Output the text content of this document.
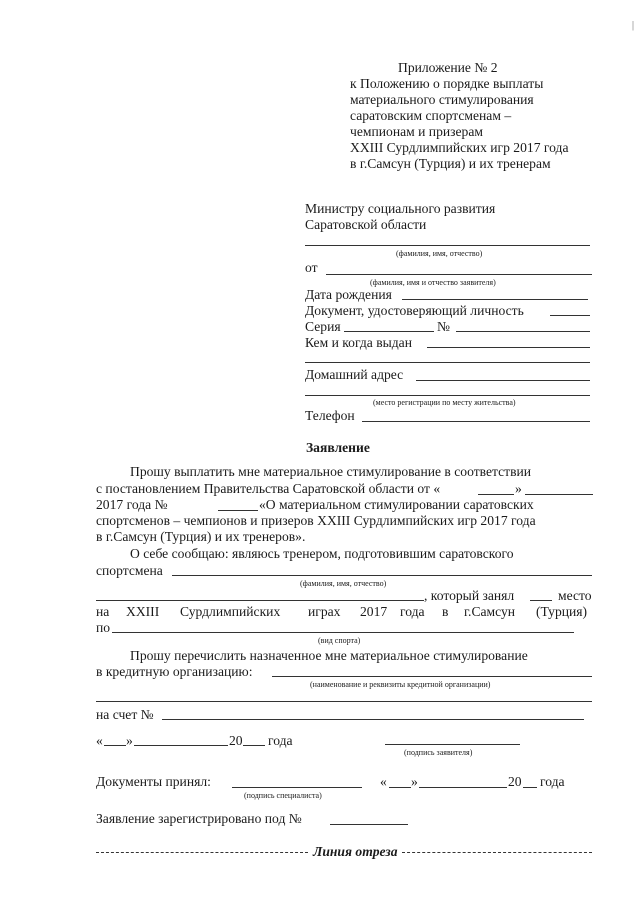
Приложение № 2
к Положению о порядке выплаты
материального стимулирования
саратовским спортсменам –
чемпионам и призерам
XXIII Сурдлимпийских игр 2017 года
в г.Самсун (Турция) и их тренерам
Министру социального развития
Саратовской области
(фамилия, имя, отчество)
от
(фамилия, имя и отчество заявителя)
Дата рождения
Документ, удостоверяющий личность
Серия	№
Кем и когда выдан
Домашний адрес
(место регистрации по месту жительства)
Телефон
Заявление
Прошу выплатить мне материальное стимулирование в соответствии
с постановлением Правительства Саратовской области от «	»
2017 года №	«О материальном стимулировании саратовских
спортсменов – чемпионов и призеров XXIII Сурдлимпийских игр 2017 года
в г.Самсун (Турция) и их тренеров».
О себе сообщаю: являюсь тренером, подготовившим саратовского
спортсмена
(фамилия, имя, отчество)
, который занял	место
на XXIII Сурдлимпийских играх 2017 года в г.Самсун (Турция)
по
(вид спорта)
Прошу перечислить назначенное мне материальное стимулирование
в кредитную организацию:
(наименование и реквизиты кредитной организации)
на счет №
« »	20 года
(подпись заявителя)
Документы принял:
(подпись специалиста)
« »	20 года
Заявление зарегистрировано под №
Линия отреза
|
